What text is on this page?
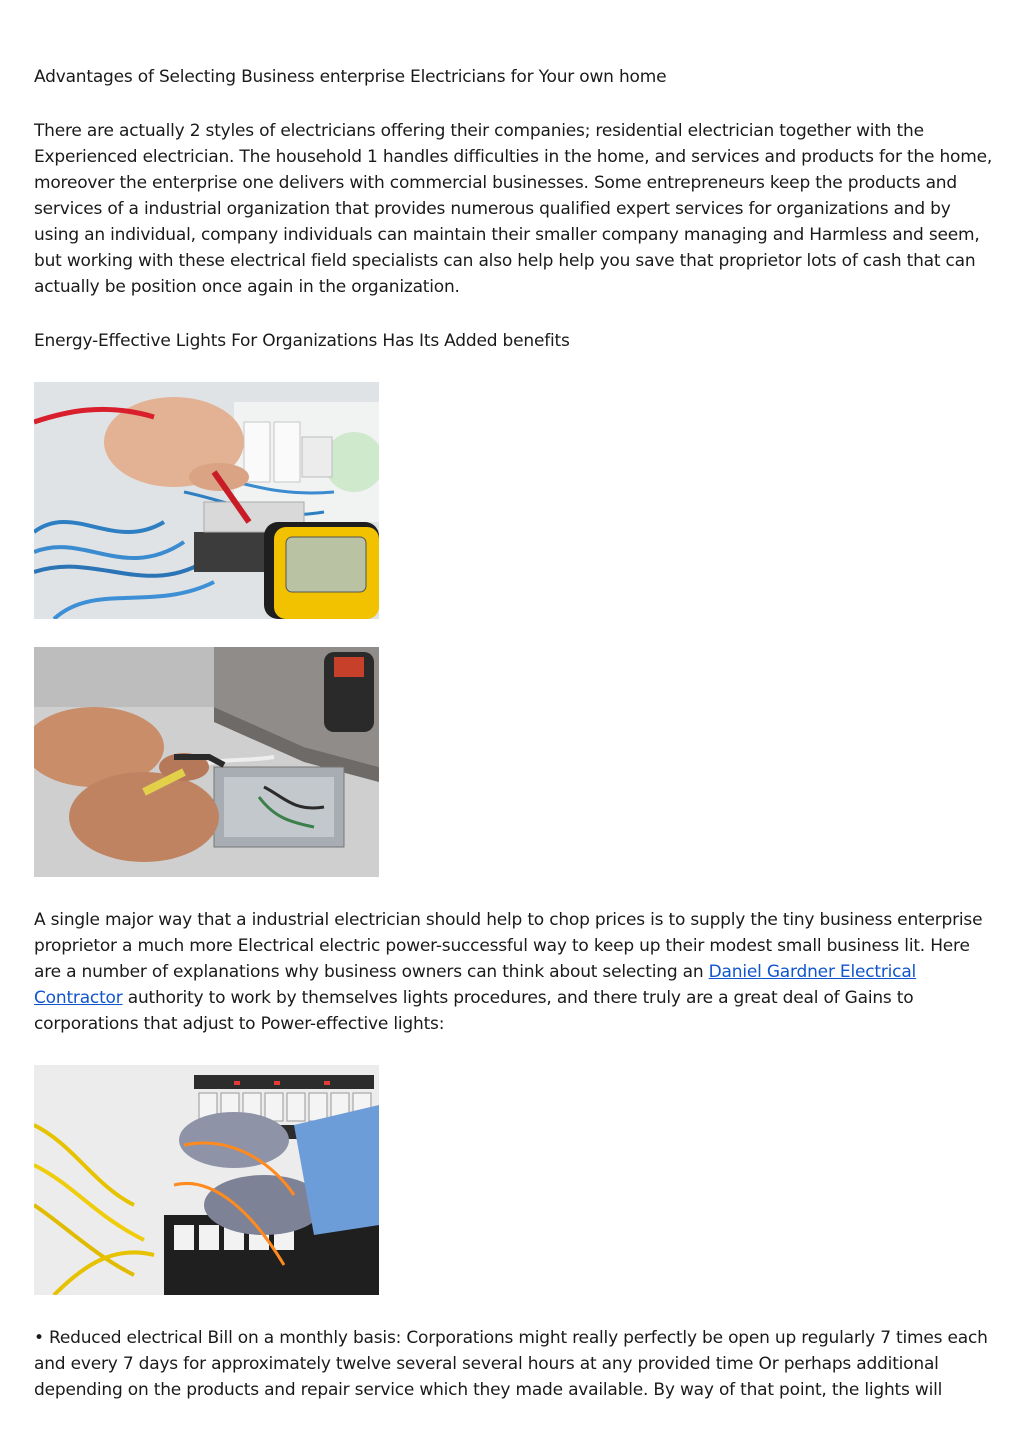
Advantages of Selecting Business enterprise Electricians for Your own home

There are actually 2 styles of electricians offering their companies; residential electrician together with the Experienced electrician. The household 1 handles difficulties in the home, and services and products for the home, moreover the enterprise one delivers with commercial businesses. Some entrepreneurs keep the products and services of a industrial organization that provides numerous qualified expert services for organizations and by using an individual, company individuals can maintain their smaller company managing and Harmless and seem, but working with these electrical field specialists can also help help you save that proprietor lots of cash that can actually be position once again in the organization.

Energy-Effective Lights For Organizations Has Its Added benefits

A single major way that a industrial electrician should help to chop prices is to supply the tiny business enterprise proprietor a much more Electrical electric power-successful way to keep up their modest small business lit. Here are a number of explanations why business owners can think about selecting an Daniel Gardner Electrical Contractor authority to work by themselves lights procedures, and there truly are a great deal of Gains to corporations that adjust to Power-effective lights:

• Reduced electrical Bill on a monthly basis: Corporations might really perfectly be open up regularly 7 times each and every 7 days for approximately twelve several several hours at any provided time Or perhaps additional depending on the products and repair service which they made available. By way of that point, the lights will
